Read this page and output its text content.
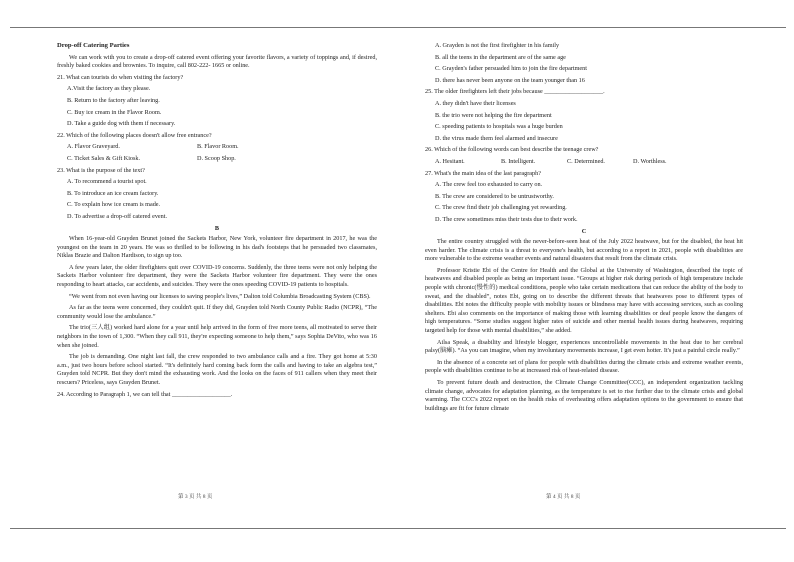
Drop-off Catering Parties
We can work with you to create a drop-off catered event offering your favorite flavors, a variety of toppings and, if desired, freshly baked cookies and brownies. To inquire, call 802-222- 1665 or online.
21. What can tourists do when visiting the factory?
A.Visit the factory as they please.
B. Return to the factory after leaving.
C. Buy ice cream in the Flavor Room.
D. Take a guide dog with them if necessary.
22. Which of the following places doesn't allow free entrance?
A. Flavor Graveyard.	B. Flavor Room.
C. Ticket Sales & Gift Kiosk.	D. Scoop Shop.
23. What is the purpose of the text?
A. To recommend a tourist spot.
B. To introduce an ice cream factory.
C. To explain how ice cream is made.
D. To advertise a drop-off catered event.
B
When 16-year-old Grayden Brunet joined the Sackets Harbor, New York, volunteer fire department in 2017, he was the youngest on the team in 20 years. He was so thrilled to be following in his dad's footsteps that he persuaded two classmates, Niklas Brazie and Dalton Hardison, to sign up too.
A few years later, the older firefighters quit over COVID-19 concerns. Suddenly, the three teens were not only helping the Sackets Harbor volunteer fire department, they were the Sackets Harbor volunteer fire department. They were the ones responding to heart attacks, car accidents, and suicides. They were the ones speeding COVID-19 patients to hospitals.
“We went from not even having our licenses to saving people's lives,” Dalton told Columbia Broadcasting System (CBS).
As far as the teens were concerned, they couldn't quit. If they did, Grayden told North County Public Radio (NCPR), “The community would lose the ambulance.”
The trio(三人组) worked hard alone for a year until help arrived in the form of five more teens, all motivated to serve their neighbors in the town of 1,300. “When they call 911, they're expecting someone to help them,” says Sophia DeVito, who was 16 when she joined.
The job is demanding. One night last fall, the crew responded to two ambulance calls and a fire. They got home at 5:30 a.m., just two hours before school started. “It's definitely hard coming back form the calls and having to take an algebra test,” Grayden told NCPR. But they don't mind the exhausting work. And the looks on the faces of 911 callers when they meet their rescuers? Priceless, says Grayden Brunet.
24. According to Paragraph 1, we can tell that ___________________.
A. Grayden is not the first firefighter in his family
B. all the teens in the department are of the same age
C. Grayden's father persuaded him to join the fire department
D. there has never been anyone on the team younger than 16
25. The older firefighters left their jobs because ___________________.
A. they didn't have their licenses
B. the trio were not helping the fire department
C. speeding patients to hospitals was a huge burden
D. the virus made them feel alarmed and insecure
26. Which of the following words can best describe the teenage crew?
A. Hesitant.	B. Intelligent.	C. Determined.	D. Worthless.
27. What's the main idea of the last paragraph?
A. The crew feel too exhausted to carry on.
B. The crew are considered to be untrustworthy.
C. The crew find their job challenging yet rewarding.
D. The crew sometimes miss their tests due to their work.
C
The entire country struggled with the never-before-seen heat of the July 2022 heatwave, but for the disabled, the heat hit even harder. The climate crisis is a threat to everyone's health, but according to a report in 2021, people with disabilities are more vulnerable to the extreme weather events and natural disasters that result from the climate crisis.
Professor Kristie Ebi of the Centre for Health and the Global at the University of Washington, described the topic of heatwaves and disabled people as being an important issue. “Groups at higher risk during periods of high temperature include people with chronic(慢性的) medical conditions, people who take certain medications that can reduce the ability of the body to sweat, and the disabled”, notes Ebi, going on to describe the different threats that heatwaves pose to different types of disabilities. Ebi notes the difficulty people with mobility issues or blindness may have with accessing services, such as cooling shelters. Ebi also comments on the importance of making those with learning disabilities or deaf people know the dangers of high temperatures. “Some studies suggest higher rates of suicide and other mental health issues during heatwaves, requiring targeted help for those with mental disabilities,” she added.
Ailsa Speak, a disability and lifestyle blogger, experiences uncontrollable movements in the heat due to her cerebral palsy(脑瘫). “As you can imagine, when my involuntary movements increase, I get even hotter. It's just a painful circle really.”
In the absence of a concrete set of plans for people with disabilities during the climate crisis and extreme weather events, people with disabilities continue to be at increased risk of heat-related disease.
To prevent future death and destruction, the Climate Change Committee(CCC), an independent organization tackling climate change, advocates for adaptation planning, as the temperature is set to rise further due to the climate crisis and global warming. The CCC's 2022 report on the health risks of overheating offers adaptation options to the government to ensure that buildings are fit for future climate
第 3 页 共 8 页	第 4 页 共 8 页
